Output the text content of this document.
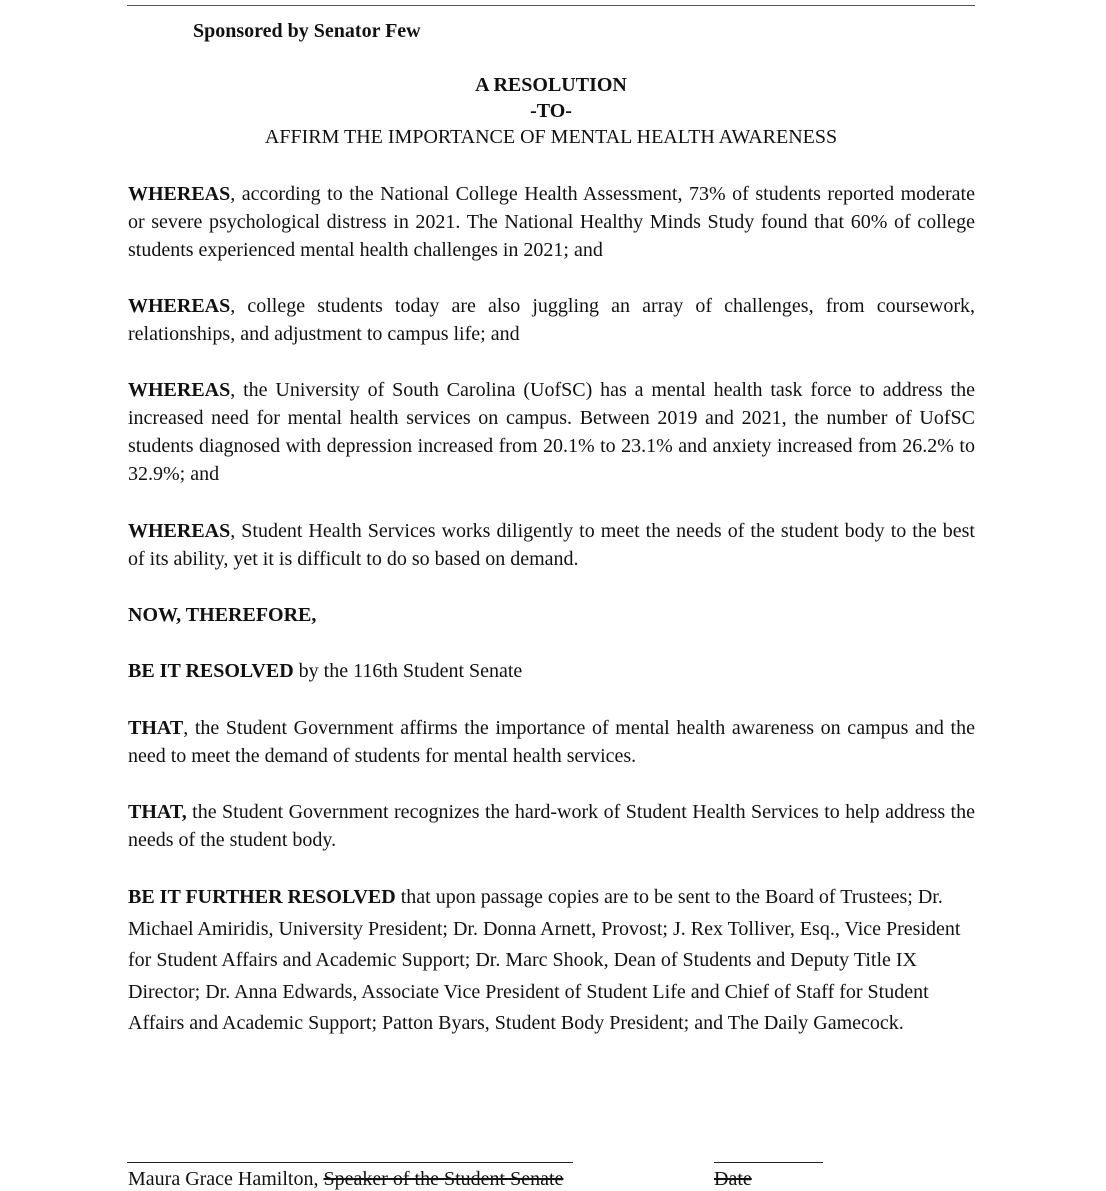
Sponsored by Senator Few
A RESOLUTION
-TO-
AFFIRM THE IMPORTANCE OF MENTAL HEALTH AWARENESS

WHEREAS, according to the National College Health Assessment, 73% of students reported moderate or severe psychological distress in 2021. The National Healthy Minds Study found that 60% of college students experienced mental health challenges in 2021; and

WHEREAS, college students today are also juggling an array of challenges, from coursework, relationships, and adjustment to campus life; and

WHEREAS, the University of South Carolina (UofSC) has a mental health task force to address the increased need for mental health services on campus. Between 2019 and 2021, the number of UofSC students diagnosed with depression increased from 20.1% to 23.1% and anxiety increased from 26.2% to 32.9%; and

WHEREAS, Student Health Services works diligently to meet the needs of the student body to the best of its ability, yet it is difficult to do so based on demand.

NOW, THEREFORE,

BE IT RESOLVED by the 116th Student Senate

THAT, the Student Government affirms the importance of mental health awareness on campus and the need to meet the demand of students for mental health services.

THAT, the Student Government recognizes the hard-work of Student Health Services to help address the needs of the student body.

BE IT FURTHER RESOLVED that upon passage copies are to be sent to the Board of Trustees; Dr. Michael Amiridis, University President; Dr. Donna Arnett, Provost; J. Rex Tolliver, Esq., Vice President for Student Affairs and Academic Support; Dr. Marc Shook, Dean of Students and Deputy Title IX Director; Dr. Anna Edwards, Associate Vice President of Student Life and Chief of Staff for Student Affairs and Academic Support; Patton Byars, Student Body President; and The Daily Gamecock.

Maura Grace Hamilton, Speaker of the Student Senate	Date
